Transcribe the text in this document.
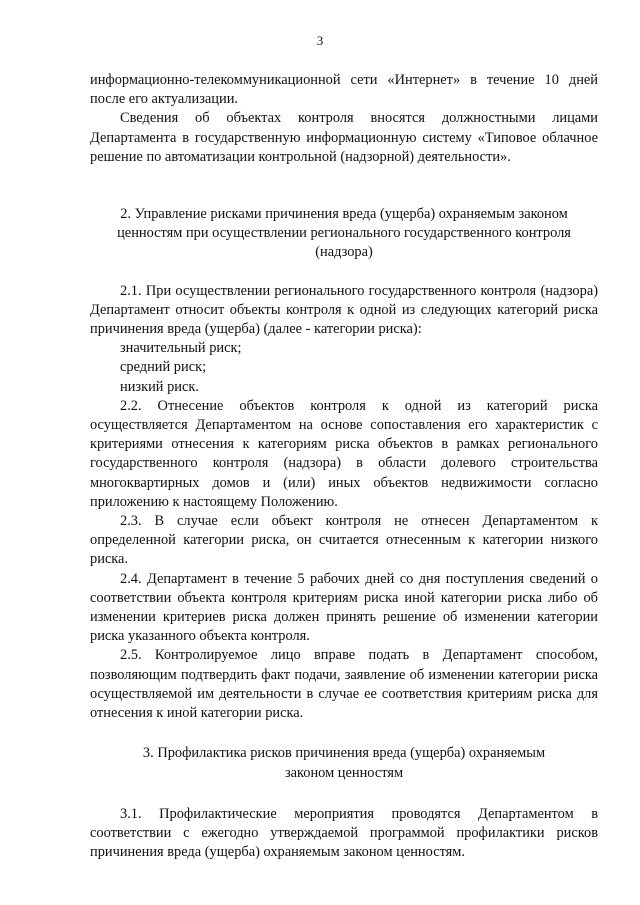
3

информационно-телекоммуникационной сети «Интернет» в течение 10 дней после его актуализации.

Сведения об объектах контроля вносятся должностными лицами Департамента в государственную информационную систему «Типовое облачное решение по автоматизации контрольной (надзорной) деятельности».

2. Управление рисками причинения вреда (ущерба) охраняемым законом ценностям при осуществлении регионального государственного контроля (надзора)

2.1. При осуществлении регионального государственного контроля (надзора) Департамент относит объекты контроля к одной из следующих категорий риска причинения вреда (ущерба) (далее - категории риска):

значительный риск;

средний риск;

низкий риск.

2.2. Отнесение объектов контроля к одной из категорий риска осуществляется Департаментом на основе сопоставления его характеристик с критериями отнесения к категориям риска объектов в рамках регионального государственного контроля (надзора) в области долевого строительства многоквартирных домов и (или) иных объектов недвижимости согласно приложению к настоящему Положению.

2.3. В случае если объект контроля не отнесен Департаментом к определенной категории риска, он считается отнесенным к категории низкого риска.

2.4. Департамент в течение 5 рабочих дней со дня поступления сведений о соответствии объекта контроля критериям риска иной категории риска либо об изменении критериев риска должен принять решение об изменении категории риска указанного объекта контроля.

2.5. Контролируемое лицо вправе подать в Департамент способом, позволяющим подтвердить факт подачи, заявление об изменении категории риска осуществляемой им деятельности в случае ее соответствия критериям риска для отнесения к иной категории риска.

3. Профилактика рисков причинения вреда (ущерба) охраняемым законом ценностям

3.1. Профилактические мероприятия проводятся Департаментом в соответствии с ежегодно утверждаемой программой профилактики рисков причинения вреда (ущерба) охраняемым законом ценностям.
